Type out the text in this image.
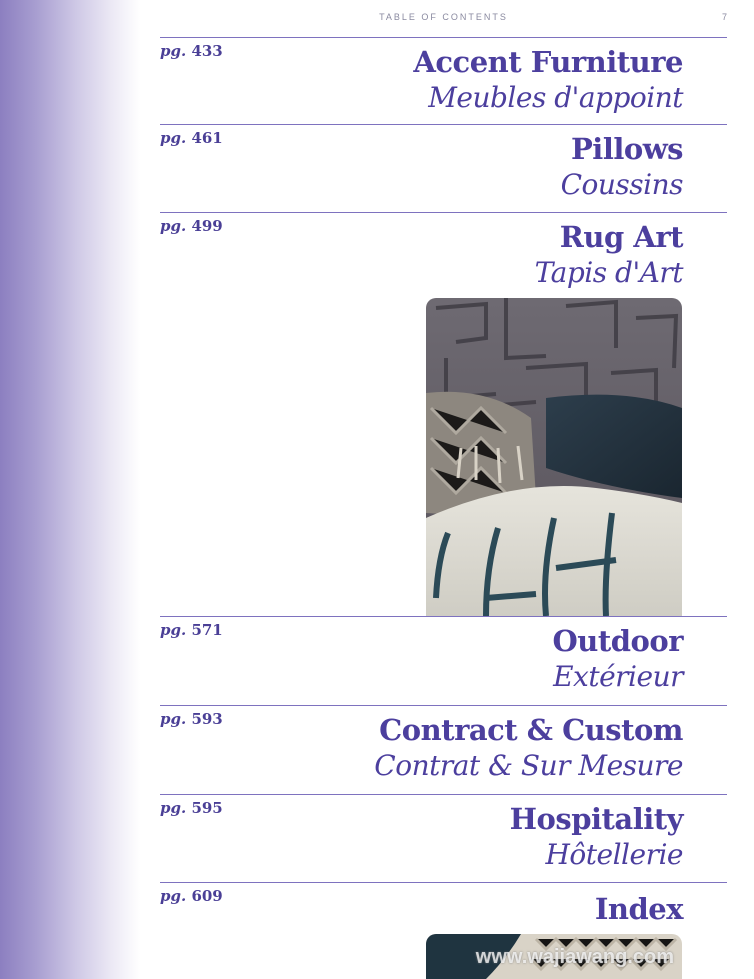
TABLE OF CONTENTS	7
pg. 433	Accent Furniture
Meubles d'appoint
pg. 461	Pillows
Coussins
pg. 499	Rug Art
Tapis d'Art
pg. 571	Outdoor
Extérieur
pg. 593	Contract & Custom
Contrat & Sur Mesure
pg. 595	Hospitality
Hôtellerie
pg. 609	Index
www.wajiawang.com
